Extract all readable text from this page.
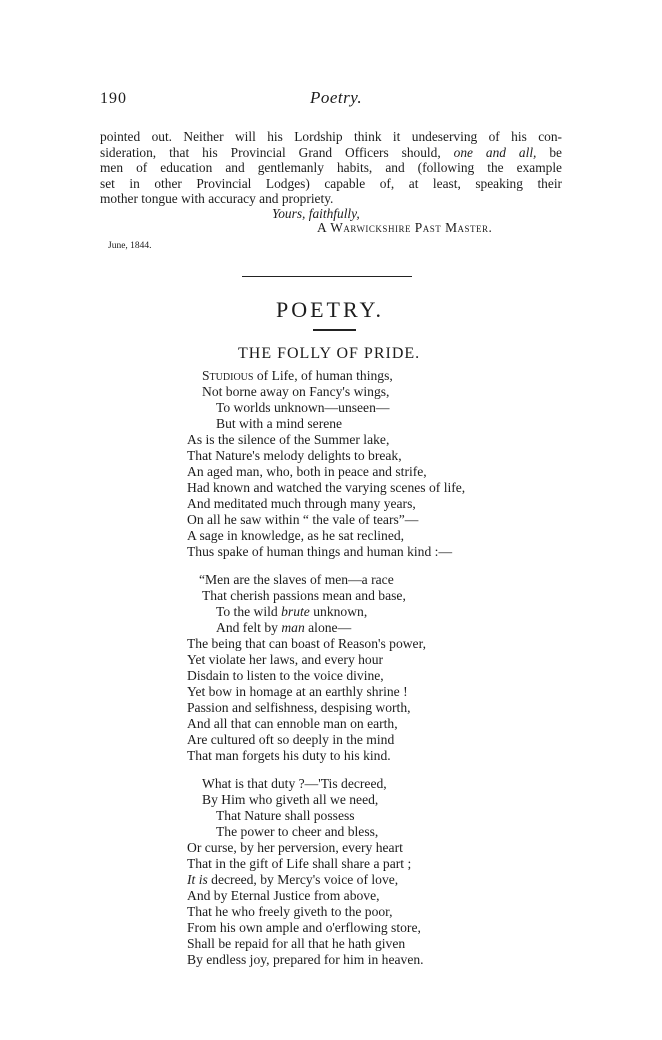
190	Poetry.
pointed out. Neither will his Lordship think it undeserving of his con-
sideration, that his Provincial Grand Officers should, one and all, be
men of education and gentlemanly habits, and (following the example
set in other Provincial Lodges) capable of, at least, speaking their
mother tongue with accuracy and propriety.
Yours, faithfully,
A Warwickshire Past Master.
June, 1844.
POETRY.
THE FOLLY OF PRIDE.
Studious of Life, of human things,
Not borne away on Fancy's wings,
To worlds unknown—unseen—
But with a mind serene
As is the silence of the Summer lake,
That Nature's melody delights to break,
An aged man, who, both in peace and strife,
Had known and watched the varying scenes of life,
And meditated much through many years,
On all he saw within “ the vale of tears”—
A sage in knowledge, as he sat reclined,
Thus spake of human things and human kind :—
“Men are the slaves of men—a race
That cherish passions mean and base,
To the wild brute unknown,
And felt by man alone—
The being that can boast of Reason's power,
Yet violate her laws, and every hour
Disdain to listen to the voice divine,
Yet bow in homage at an earthly shrine !
Passion and selfishness, despising worth,
And all that can ennoble man on earth,
Are cultured oft so deeply in the mind
That man forgets his duty to his kind.
What is that duty ?—'Tis decreed,
By Him who giveth all we need,
That Nature shall possess
The power to cheer and bless,
Or curse, by her perversion, every heart
That in the gift of Life shall share a part ;
It is decreed, by Mercy's voice of love,
And by Eternal Justice from above,
That he who freely giveth to the poor,
From his own ample and o'erflowing store,
Shall be repaid for all that he hath given
By endless joy, prepared for him in heaven.
